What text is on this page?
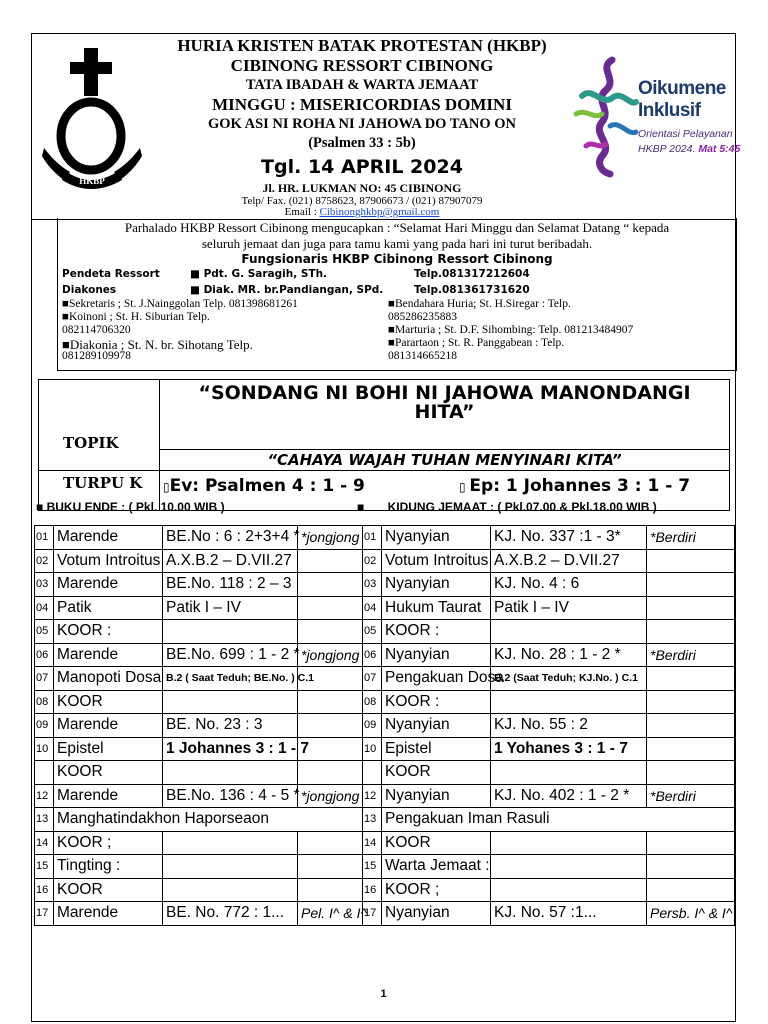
HKBP
HURIA KRISTEN BATAK PROTESTAN (HKBP)
CIBINONG RESSORT CIBINONG
TATA IBADAH & WARTA JEMAAT
MINGGU : MISERICORDIAS DOMINI
GOK ASI NI ROHA NI JAHOWA DO TANO ON
(Psalmen 33 : 5b)
Tgl. 14 APRIL 2024
Jl. HR. LUKMAN NO: 45 CIBINONG
Telp/ Fax. (021) 8758623, 87906673 / (021) 87907079
Email : Cibinonghkbp@gmail.com
Oikumene
Inklusif
Orientasi Pelayanan
HKBP 2024. Mat 5:45
Parhalado HKBP Ressort Cibinong mengucapkan : “Selamat Hari Minggu dan Selamat Datang “ kepada
seluruh jemaat dan juga para tamu kami yang pada hari ini turut beribadah.
Fungsionaris HKBP Cibinong Ressort Cibinong
Pendeta Ressort	■ Pdt. G. Saragih, STh.	Telp.081317212604
Diakones	■ Diak. MR. br.Pandiangan, SPd.	Telp.081361731620
■Sekretaris ; St. J.Nainggolan Telp. 081398681261	■Bendahara Huria; St. H.Siregar : Telp.
■Koinoni ; St. H. Siburian Telp.	085286235883
082114706320	■Marturia ; St. D.F. Sihombing: Telp. 081213484907
■Diakonia ; St. N. br. Sihotang Telp.	■Parartaon ; St. R. Panggabean : Telp.
081289109978	081314665218
TOPIK
“SONDANG NI BOHI NI JAHOWA MANONDANGI HITA”
“CAHAYA WAJAH TUHAN MENYINARI KITA”
TURPU K ▯Ev: Psalmen 4 : 1 - 9	▯ Ep: 1 Johannes 3 : 1 - 7
■ BUKU ENDE : ( Pkl. 10.00 WIB )	■       KIDUNG JEMAAT : ( Pkl.07.00 & Pkl.18.00 WIB )
01	Marende	BE.No : 6 : 2+3+4 *	*jongjong	01	Nyanyian	KJ. No. 337 :1 - 3*	*Berdiri
02	Votum Introitus	A.X.B.2 – D.VII.27		02	Votum Introitus	A.X.B.2 – D.VII.27	
03	Marende	BE.No. 118 : 2 – 3		03	Nyanyian	KJ. No. 4 : 6	
04	Patik	Patik I – IV		04	Hukum Taurat	Patik I – IV	
05	KOOR :			05	KOOR :		
06	Marende	BE.No. 699 : 1 - 2 *	*jongjong	06	Nyanyian	KJ. No. 28 : 1 - 2 *	*Berdiri
07	Manopoti Dosa	B.2 ( Saat Teduh; BE.No. ) C.1		07	Pengakuan Dosa	B.2 (Saat Teduh; KJ.No. ) C.1	
08	KOOR			08	KOOR :		
09	Marende	BE. No. 23 : 3		09	Nyanyian	KJ. No. 55 : 2	
10	Epistel	1 Johannes 3 : 1 - 7		10	Epistel	1 Yohanes 3 : 1 - 7	
	KOOR				KOOR		
12	Marende	BE.No. 136 : 4 - 5 *	*jongjong	12	Nyanyian	KJ. No. 402 : 1 - 2 *	*Berdiri
13	Manghatindakhon Haporseaon			13	Pengakuan Iman Rasuli		
14	KOOR ;			14	KOOR		
15	Tingting :			15	Warta Jemaat :		
16	KOOR			16	KOOR ;		
17	Marende	BE. No. 772 : 1...	Pel. I^ & I^	17	Nyanyian	KJ. No. 57 :1...	Persb. I^ & I^
1
